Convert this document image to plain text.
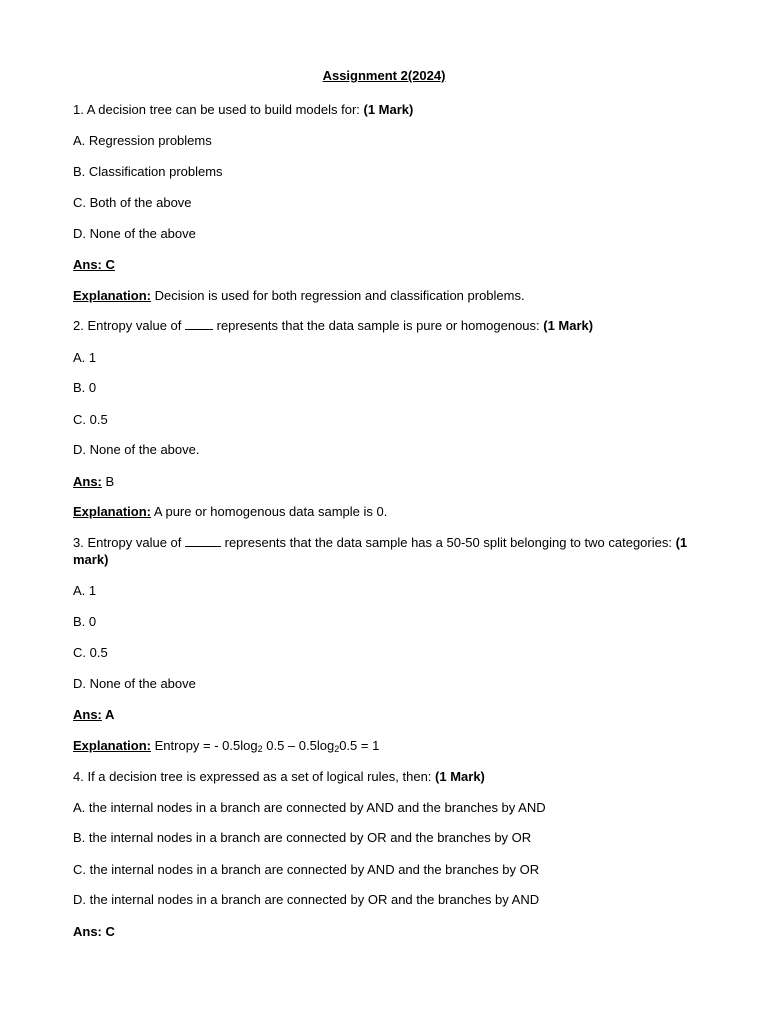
Assignment 2(2024)
1. A decision tree can be used to build models for: (1 Mark)
A. Regression problems
B. Classification problems
C. Both of the above
D. None of the above
Ans: C
Explanation: Decision is used for both regression and classification problems.
2. Entropy value of  represents that the data sample is pure or homogenous: (1 Mark)
A. 1
B. 0
C. 0.5
D. None of the above.
Ans: B
Explanation: A pure or homogenous data sample is 0.
3. Entropy value of	represents that the data sample has a 50-50 split belonging to two categories: (1 mark)
A. 1
B. 0
C. 0.5
D. None of the above
Ans: A
Explanation: Entropy = - $0.5\log_2$ $0.5 - 0.5\log_20.5 = 1$
4. If a decision tree is expressed as a set of logical rules, then: (1 Mark)
A. the internal nodes in a branch are connected by AND and the branches by AND
B. the internal nodes in a branch are connected by OR and the branches by OR
C. the internal nodes in a branch are connected by AND and the branches by OR
D. the internal nodes in a branch are connected by OR and the branches by AND
Ans: C
